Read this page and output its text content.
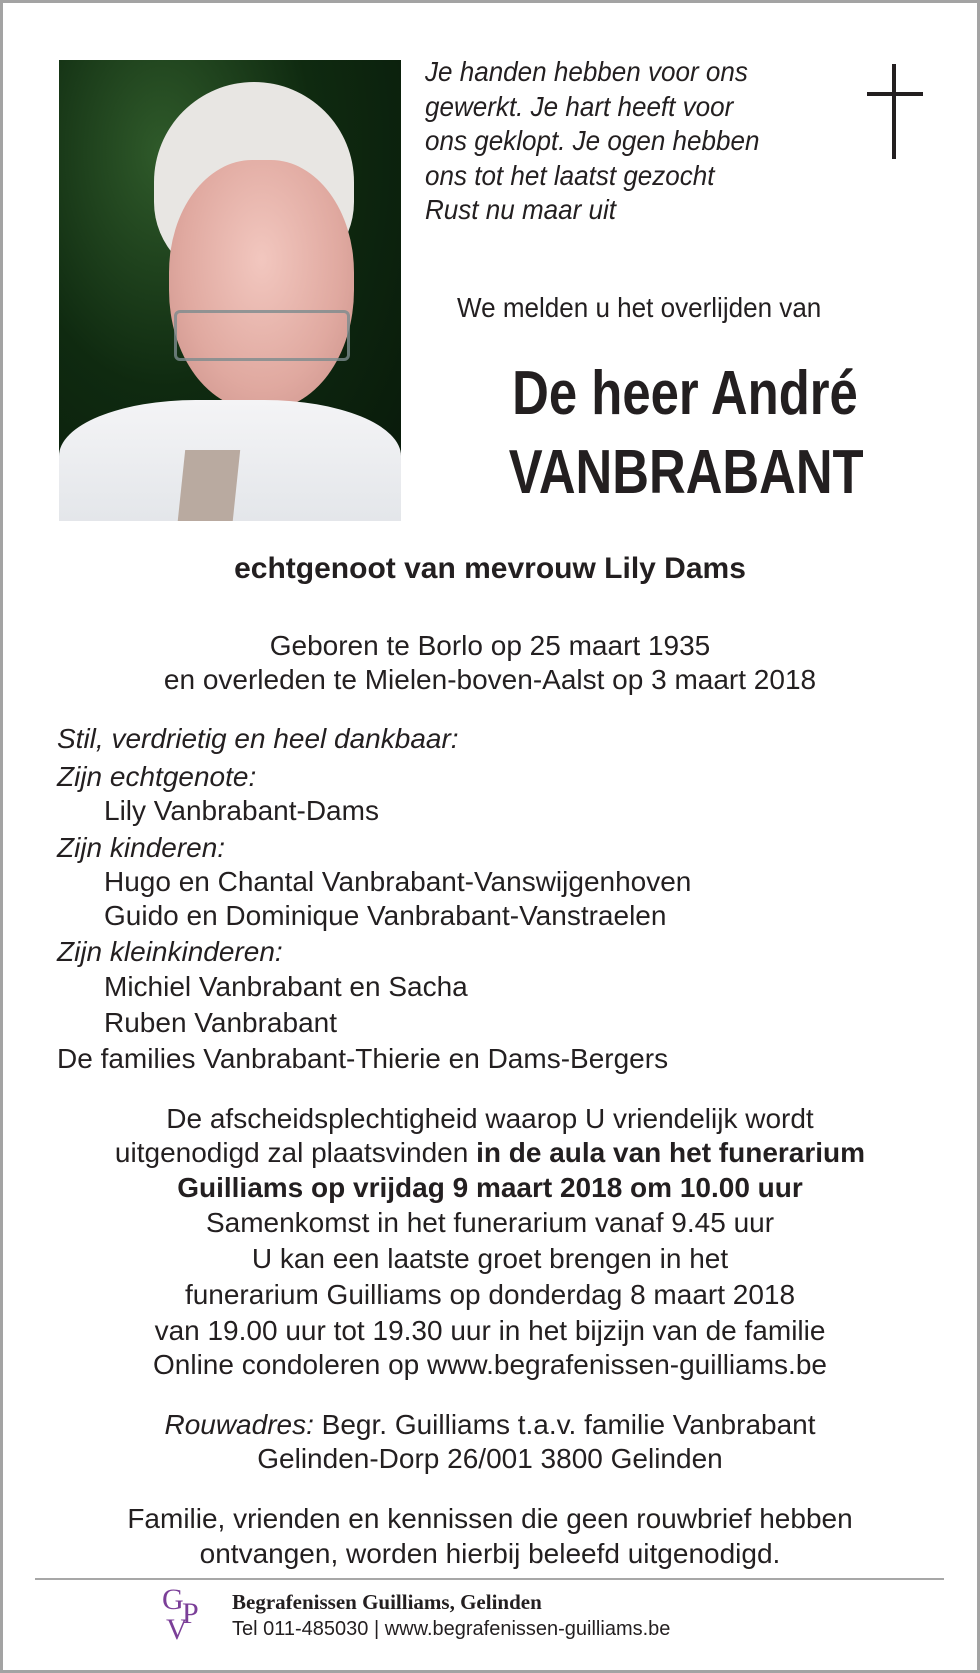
Je handen hebben voor ons
gewerkt. Je hart heeft voor
ons geklopt. Je ogen hebben
ons tot het laatst gezocht
Rust nu maar uit
We melden u het overlijden van
De heer André
VANBRABANT
echtgenoot van mevrouw Lily Dams
Geboren te Borlo op 25 maart 1935
en overleden te Mielen-boven-Aalst op 3 maart 2018
Stil, verdrietig en heel dankbaar:
Zijn echtgenote:
Lily Vanbrabant-Dams
Zijn kinderen:
Hugo en Chantal Vanbrabant-Vanswijgenhoven
Guido en Dominique Vanbrabant-Vanstraelen
Zijn kleinkinderen:
Michiel Vanbrabant en Sacha
Ruben Vanbrabant
De families Vanbrabant-Thierie en Dams-Bergers
De afscheidsplechtigheid waarop U vriendelijk wordt
uitgenodigd zal plaatsvinden in de aula van het funerarium
Guilliams op vrijdag 9 maart 2018 om 10.00 uur
Samenkomst in het funerarium vanaf 9.45 uur
U kan een laatste groet brengen in het
funerarium Guilliams op donderdag 8 maart 2018
van 19.00 uur tot 19.30 uur in het bijzijn van de familie
Online condoleren op www.begrafenissen-guilliams.be
Rouwadres: Begr. Guilliams t.a.v. familie Vanbrabant
Gelinden-Dorp 26/001 3800 Gelinden
Familie, vrienden en kennissen die geen rouwbrief hebben
ontvangen, worden hierbij beleefd uitgenodigd.
G
P
V
Begrafenissen Guilliams, Gelinden
Tel 011-485030 | www.begrafenissen-guilliams.be
